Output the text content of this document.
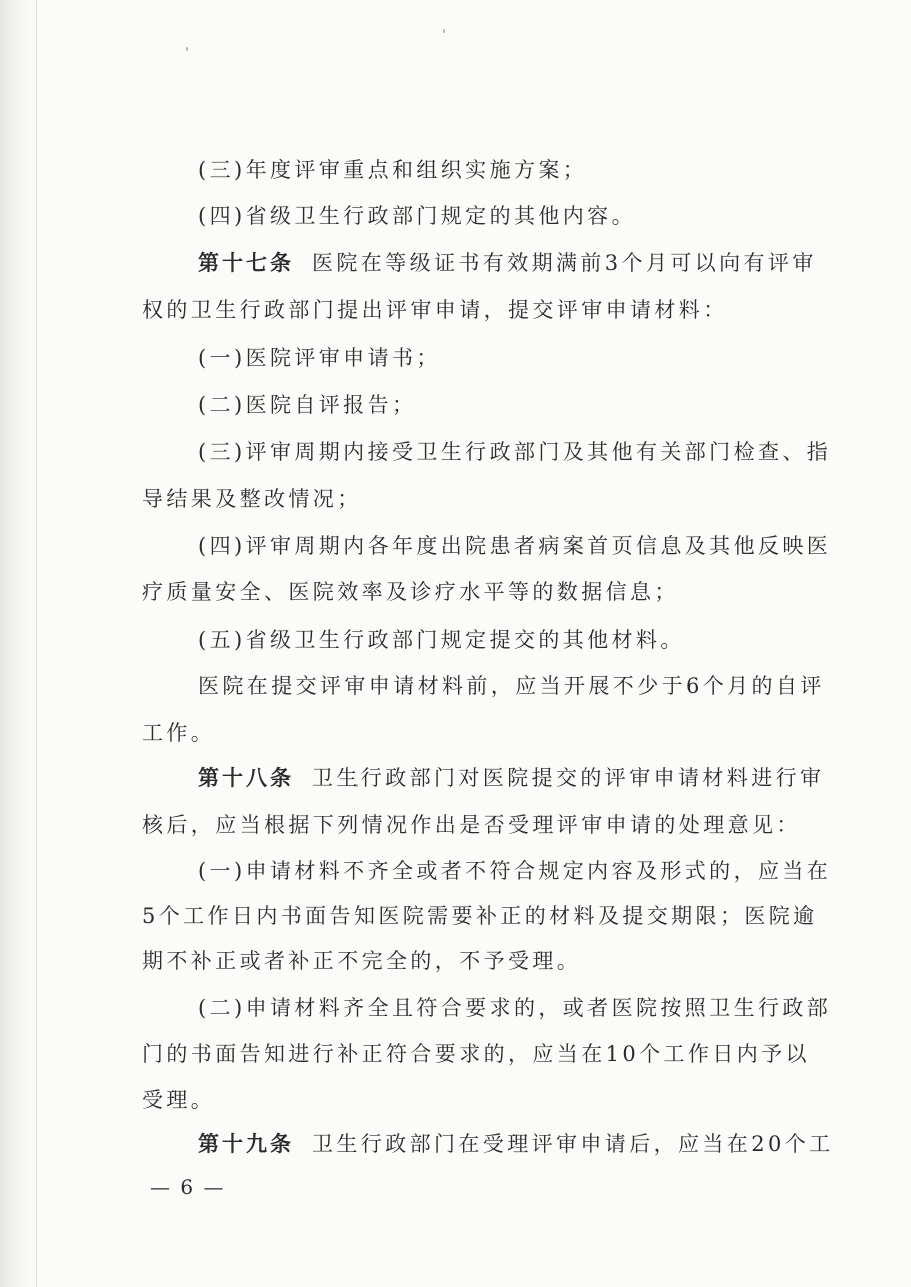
(三)年度评审重点和组织实施方案；
(四)省级卫生行政部门规定的其他内容。
第十七条 医院在等级证书有效期满前3个月可以向有评审
权的卫生行政部门提出评审申请，提交评审申请材料：
(一)医院评审申请书；
(二)医院自评报告；
(三)评审周期内接受卫生行政部门及其他有关部门检查、指
导结果及整改情况；
(四)评审周期内各年度出院患者病案首页信息及其他反映医
疗质量安全、医院效率及诊疗水平等的数据信息；
(五)省级卫生行政部门规定提交的其他材料。
医院在提交评审申请材料前，应当开展不少于6个月的自评
工作。
第十八条 卫生行政部门对医院提交的评审申请材料进行审
核后，应当根据下列情况作出是否受理评审申请的处理意见：
(一)申请材料不齐全或者不符合规定内容及形式的，应当在
5个工作日内书面告知医院需要补正的材料及提交期限；医院逾
期不补正或者补正不完全的，不予受理。
(二)申请材料齐全且符合要求的，或者医院按照卫生行政部
门的书面告知进行补正符合要求的，应当在10个工作日内予以
受理。
第十九条 卫生行政部门在受理评审申请后，应当在20个工
— 6 —
